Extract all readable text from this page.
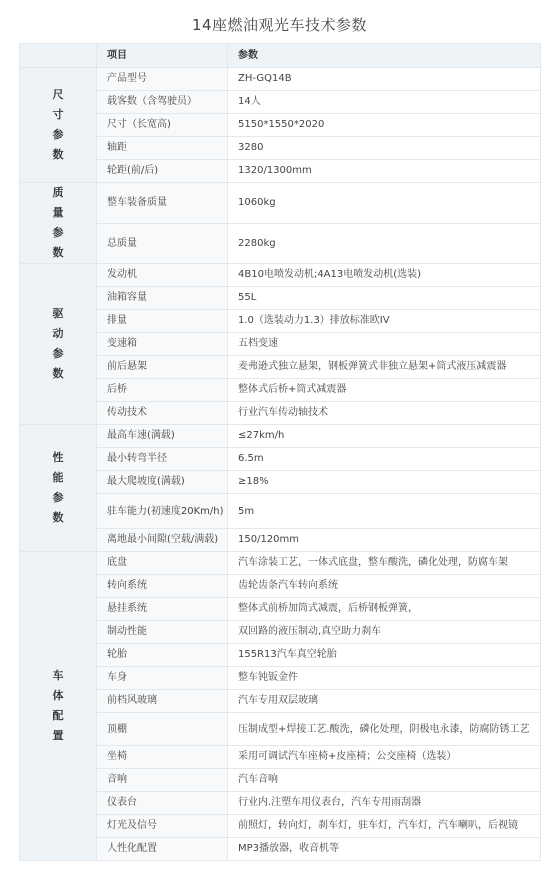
14座燃油观光车技术参数
	项目	参数

尺
寸
参
数	产品型号	ZH-GQ14B
	载客数（含驾驶员）	14人
	尺寸（长宽高)	5150*1550*2020
	轴距	3280
	轮距(前/后)	1320/1300mm

质
量
参
数	整车装备质量	1060kg
	总质量	2280kg

驱
动
参
数	发动机	4B10电喷发动机;4A13电喷发动机(选装)
	油箱容量	55L
	排量	1.0（选装动力1.3）排放标准欧IV
	变速箱	五档变速
	前后悬架	麦弗逊式独立悬架，钢板弹簧式非独立悬架+筒式液压减震器
	后桥	整体式后桥+筒式减震器
	传动技术	行业汽车传动轴技术

性
能
参
数	最高车速(满载)	≤27km/h
	最小转弯半径	6.5m
	最大爬坡度(满载)	≥18%
	驻车能力(初速度20Km/h)	5m
	离地最小间隙(空载/满载)	150/120mm

车
体
配
置	底盘	汽车涂装工艺，一体式底盘，整车酸洗，磷化处理，防腐车架
	转向系统	齿轮齿条汽车转向系统
	悬挂系统	整体式前桥加筒式减震，后桥钢板弹簧，
	制动性能	双回路的液压制动,真空助力刹车
	轮胎	155R13汽车真空轮胎
	车身	整车钝钣金件
	前档风玻璃	汽车专用双层玻璃
	顶棚	压制成型+焊接工艺.酸洗，磷化处理，阴极电永漆，防腐防锈工艺
	坐椅	采用可调试汽车座椅+皮座椅；公交座椅（选装）
	音响	汽车音响
	仪表台	行业内.注塑车用仪表台，汽车专用雨刮器
	灯光及信号	前照灯，转向灯，刹车灯，驻车灯，汽车灯，汽车喇叭，后视镜
	人性化配置	MP3播放器，收音机等
